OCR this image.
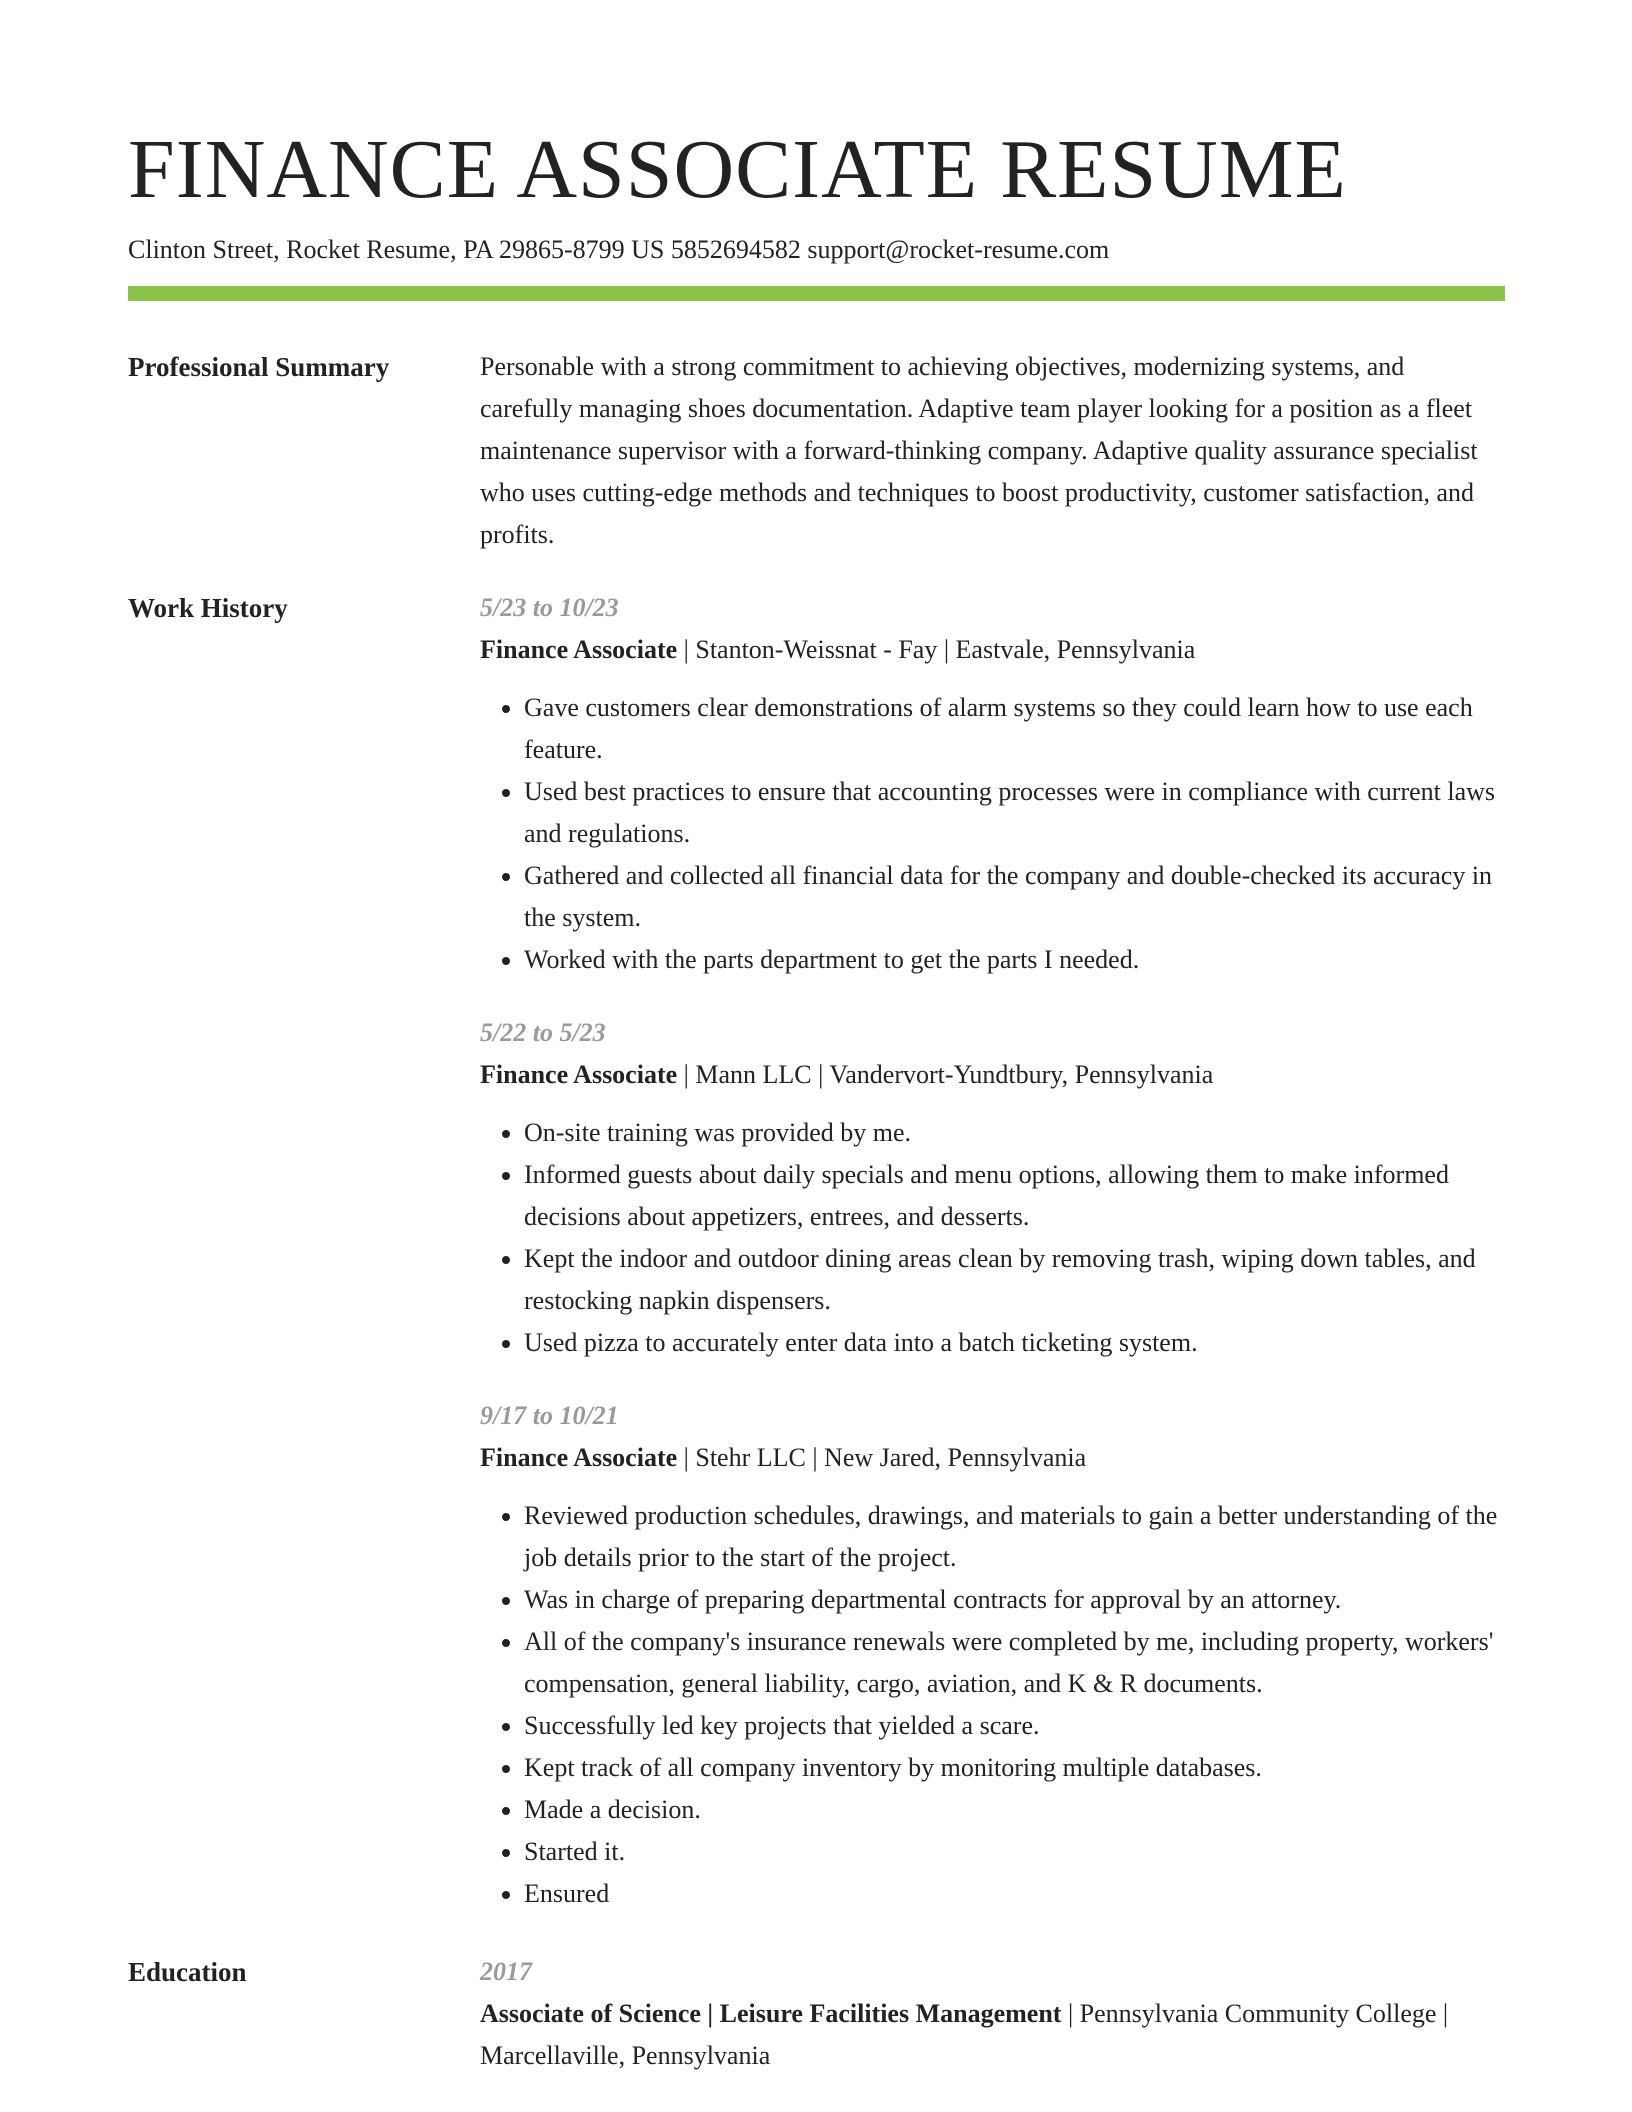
FINANCE ASSOCIATE RESUME
Clinton Street, Rocket Resume, PA 29865-8799 US 5852694582 support@rocket-resume.com
Professional Summary	Personable with a strong commitment to achieving objectives, modernizing systems, and carefully managing shoes documentation. Adaptive team player looking for a position as a fleet maintenance supervisor with a forward-thinking company. Adaptive quality assurance specialist who uses cutting-edge methods and techniques to boost productivity, customer satisfaction, and profits.

Work History	5/23 to 10/23
Finance Associate | Stanton-Weissnat - Fay | Eastvale, Pennsylvania
• Gave customers clear demonstrations of alarm systems so they could learn how to use each feature.
• Used best practices to ensure that accounting processes were in compliance with current laws and regulations.
• Gathered and collected all financial data for the company and double-checked its accuracy in the system.
• Worked with the parts department to get the parts I needed.
5/22 to 5/23
Finance Associate | Mann LLC | Vandervort-Yundtbury, Pennsylvania
• On-site training was provided by me.
• Informed guests about daily specials and menu options, allowing them to make informed decisions about appetizers, entrees, and desserts.
• Kept the indoor and outdoor dining areas clean by removing trash, wiping down tables, and restocking napkin dispensers.
• Used pizza to accurately enter data into a batch ticketing system.
9/17 to 10/21
Finance Associate | Stehr LLC | New Jared, Pennsylvania
• Reviewed production schedules, drawings, and materials to gain a better understanding of the job details prior to the start of the project.
• Was in charge of preparing departmental contracts for approval by an attorney.
• All of the company's insurance renewals were completed by me, including property, workers' compensation, general liability, cargo, aviation, and K & R documents.
• Successfully led key projects that yielded a scare.
• Kept track of all company inventory by monitoring multiple databases.
• Made a decision.
• Started it.
• Ensured
Education	2017
Associate of Science | Leisure Facilities Management | Pennsylvania Community College | Marcellaville, Pennsylvania
